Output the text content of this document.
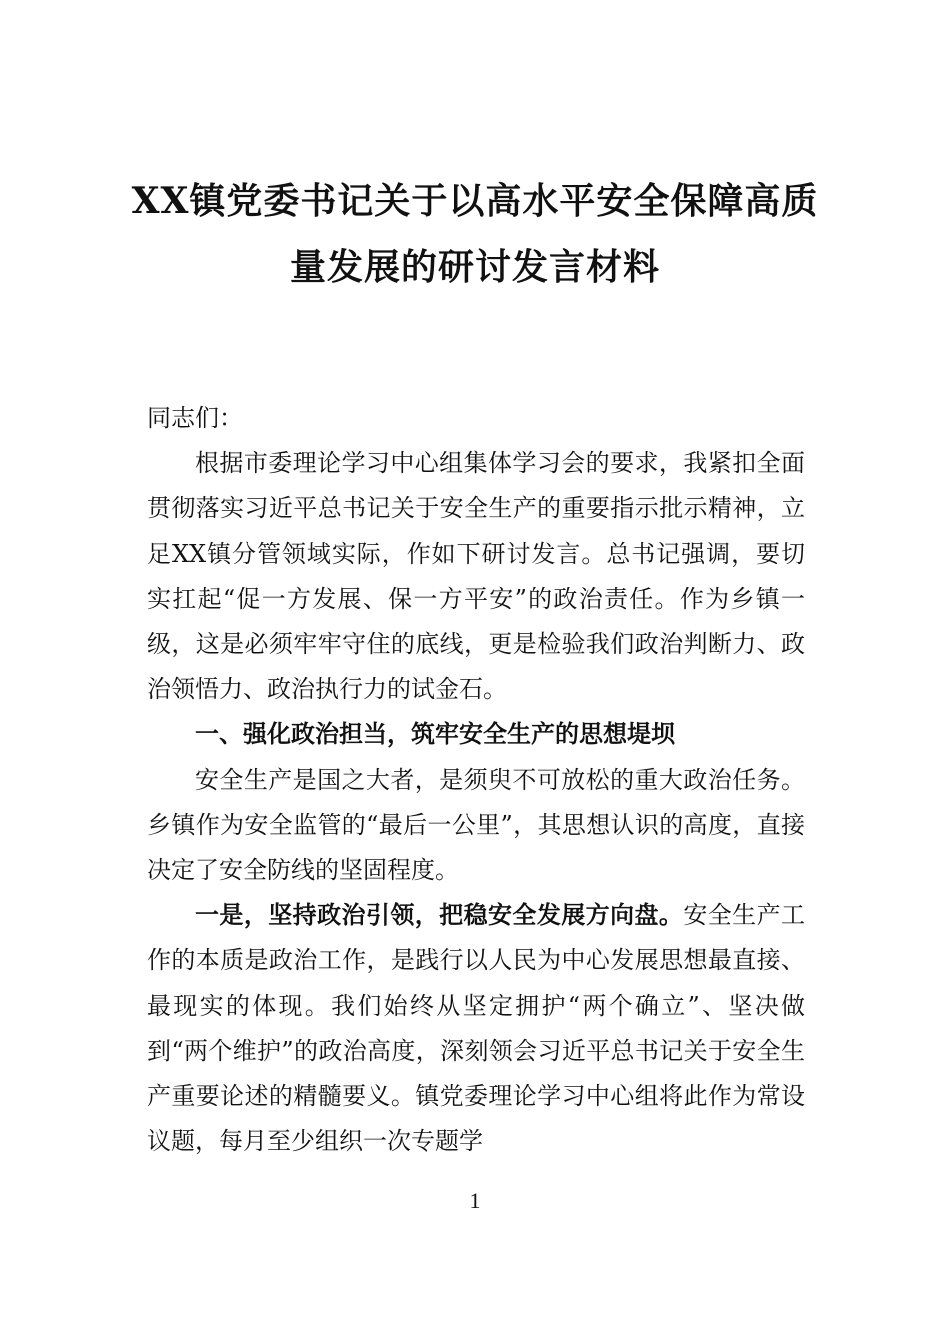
XX镇党委书记关于以高水平安全保障高质
量发展的研讨发言材料

同志们：

根据市委理论学习中心组集体学习会的要求，我紧扣全面贯彻落实习近平总书记关于安全生产的重要指示批示精神，立足XX镇分管领域实际，作如下研讨发言。总书记强调，要切实扛起“促一方发展、保一方平安”的政治责任。作为乡镇一级，这是必须牢牢守住的底线，更是检验我们政治判断力、政治领悟力、政治执行力的试金石。

一、强化政治担当，筑牢安全生产的思想堤坝

安全生产是国之大者，是须臾不可放松的重大政治任务。乡镇作为安全监管的“最后一公里”，其思想认识的高度，直接决定了安全防线的坚固程度。

一是，坚持政治引领，把稳安全发展方向盘。安全生产工作的本质是政治工作，是践行以人民为中心发展思想最直接、最现实的体现。我们始终从坚定拥护“两个确立”、坚决做到“两个维护”的政治高度，深刻领会习近平总书记关于安全生产重要论述的精髓要义。镇党委理论学习中心组将此作为常设议题，每月至少组织一次专题学

1
